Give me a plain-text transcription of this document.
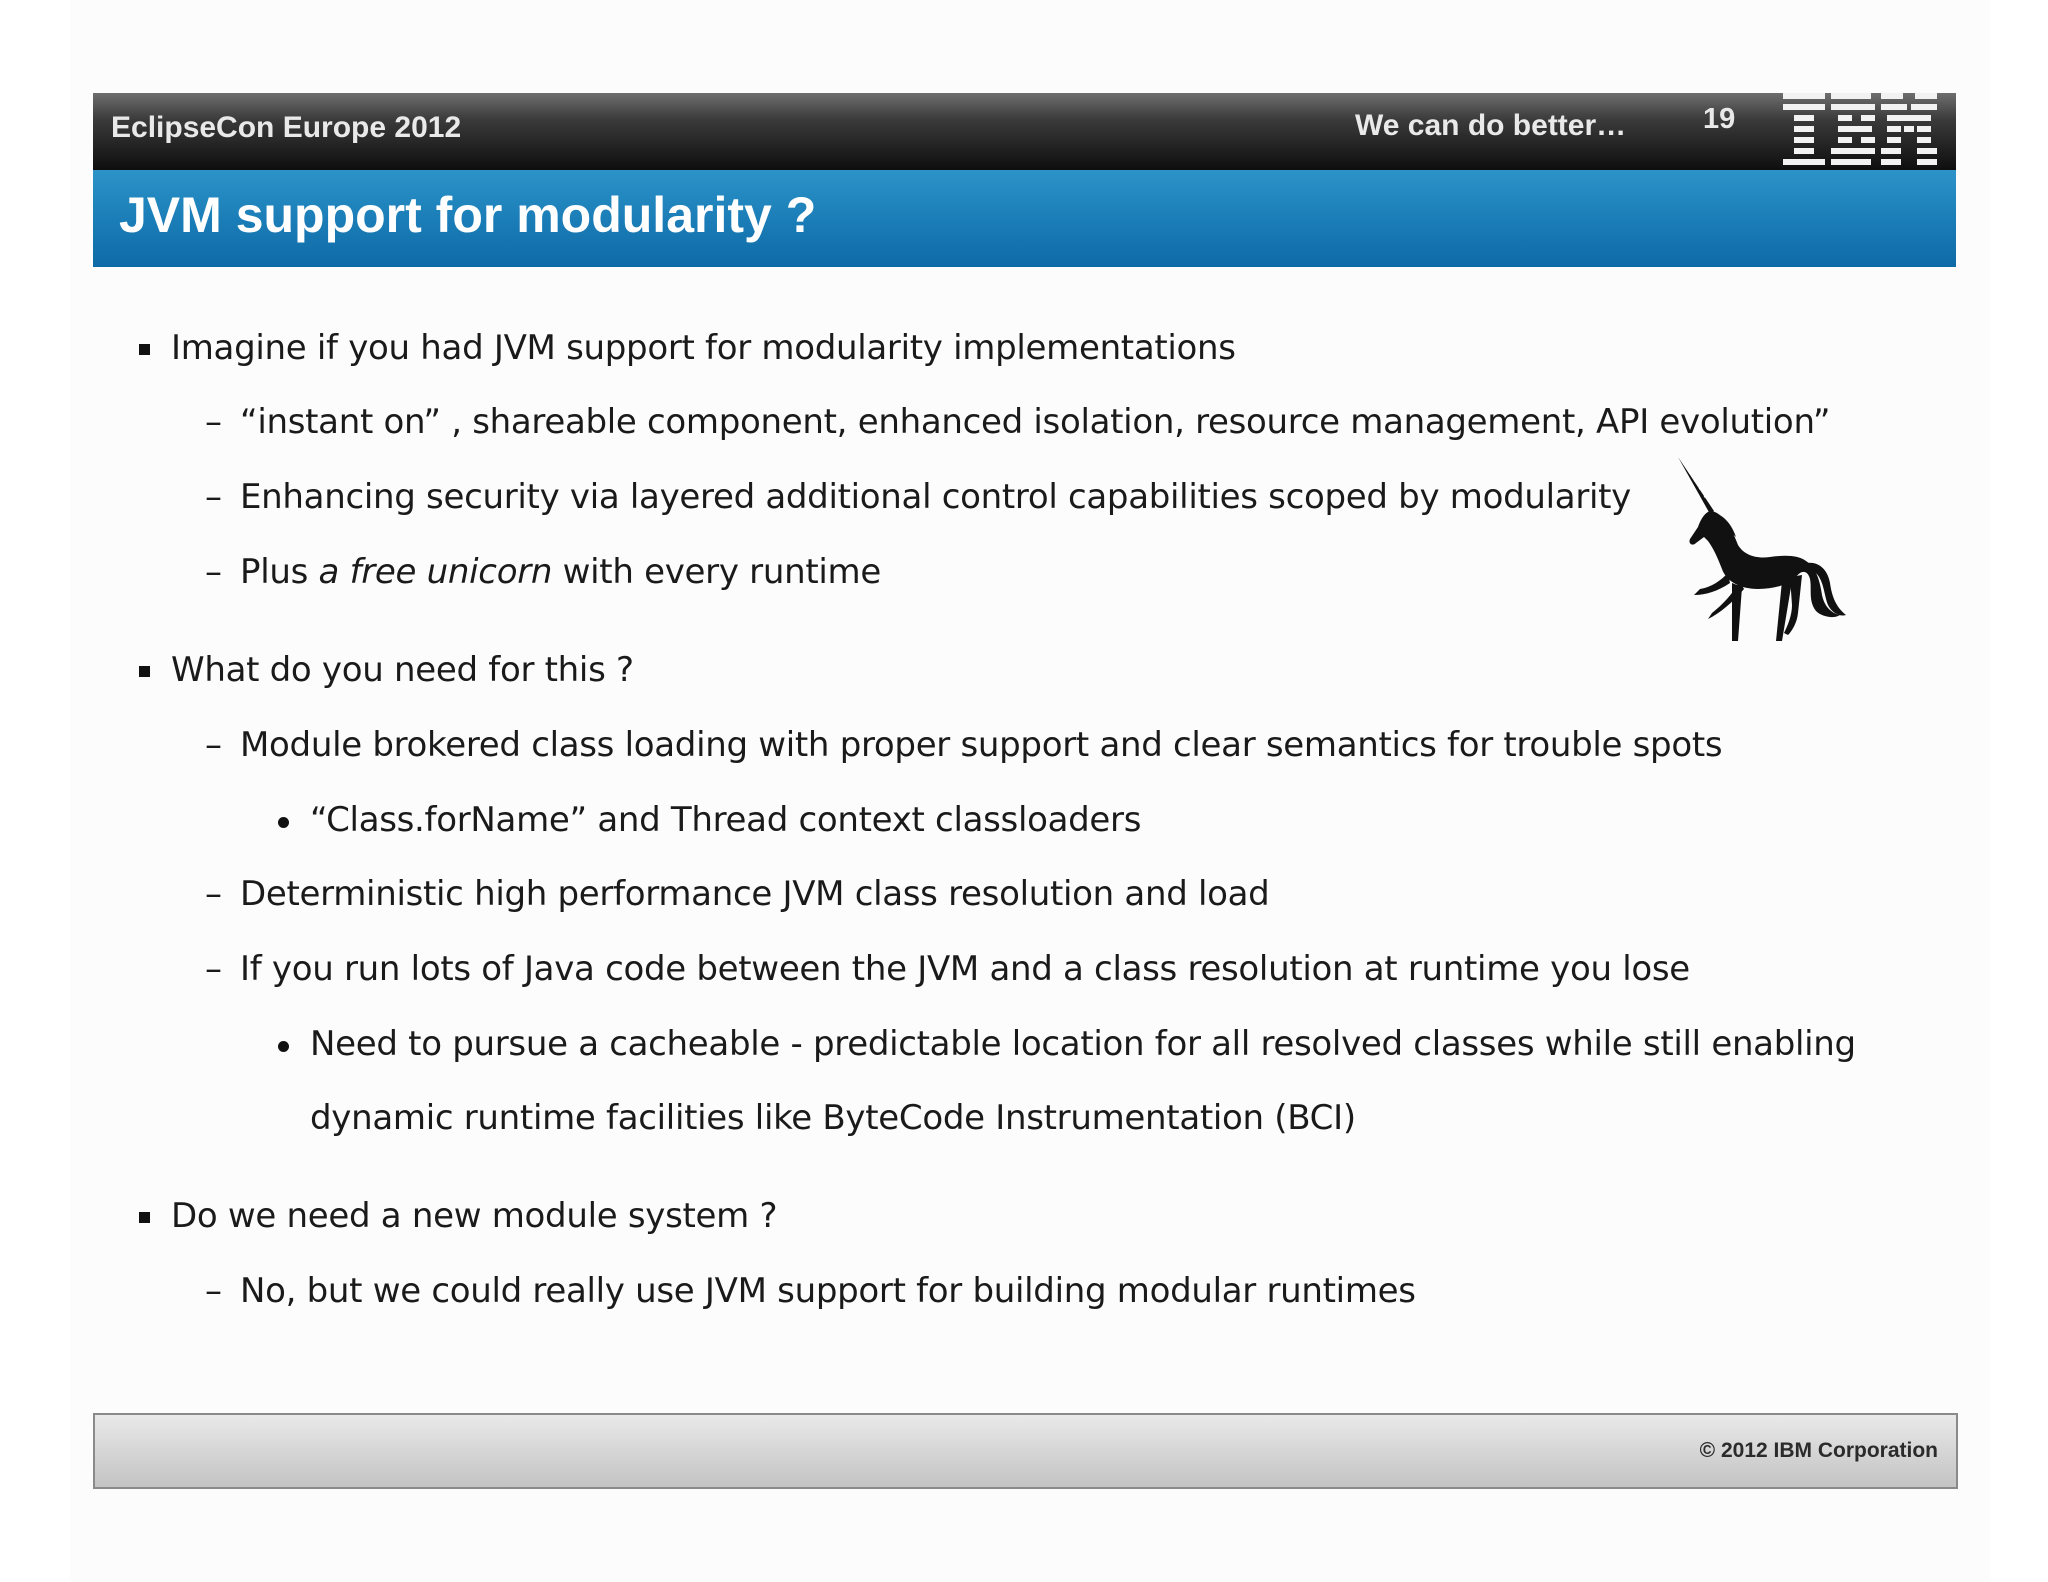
EclipseCon Europe 2012	We can do better…	19
JVM support for modularity ?
Imagine if you had JVM support for modularity implementations
– “instant on” , shareable component, enhanced isolation, resource management, API evolution”
– Enhancing security via layered additional control capabilities scoped by modularity
– Plus a free unicorn with every runtime
What do you need for this ?
– Module brokered class loading with proper support and clear semantics for trouble spots
“Class.forName” and Thread context classloaders
– Deterministic high performance JVM class resolution and load
– If you run lots of Java code between the JVM and a class resolution at runtime you lose
Need to pursue a cacheable - predictable location for all resolved classes while still enabling
dynamic runtime facilities like ByteCode Instrumentation (BCI)
Do we need a new module system ?
– No, but we could really use JVM support for building modular runtimes
© 2012 IBM Corporation
